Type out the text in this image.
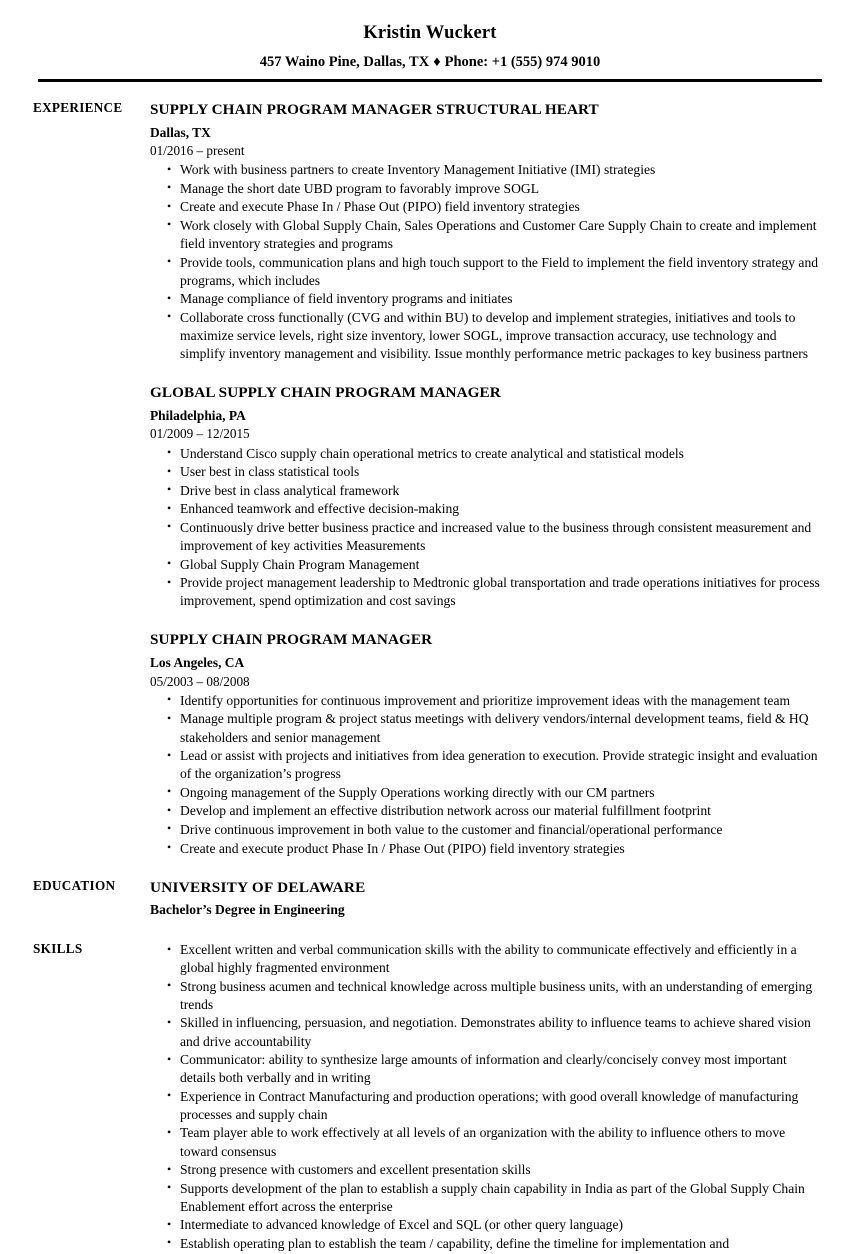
Kristin Wuckert
457 Waino Pine, Dallas, TX ♦ Phone: +1 (555) 974 9010
EXPERIENCE	SUPPLY CHAIN PROGRAM MANAGER STRUCTURAL HEART
Dallas, TX
01/2016 – present
• Work with business partners to create Inventory Management Initiative (IMI) strategies
• Manage the short date UBD program to favorably improve SOGL
• Create and execute Phase In / Phase Out (PIPO) field inventory strategies
• Work closely with Global Supply Chain, Sales Operations and Customer Care Supply Chain to create and implement field inventory strategies and programs
• Provide tools, communication plans and high touch support to the Field to implement the field inventory strategy and programs, which includes
• Manage compliance of field inventory programs and initiates
• Collaborate cross functionally (CVG and within BU) to develop and implement strategies, initiatives and tools to maximize service levels, right size inventory, lower SOGL, improve transaction accuracy, use technology and simplify inventory management and visibility. Issue monthly performance metric packages to key business partners
GLOBAL SUPPLY CHAIN PROGRAM MANAGER
Philadelphia, PA
01/2009 – 12/2015
• Understand Cisco supply chain operational metrics to create analytical and statistical models
• User best in class statistical tools
• Drive best in class analytical framework
• Enhanced teamwork and effective decision-making
• Continuously drive better business practice and increased value to the business through consistent measurement and improvement of key activities Measurements
• Global Supply Chain Program Management
• Provide project management leadership to Medtronic global transportation and trade operations initiatives for process improvement, spend optimization and cost savings
SUPPLY CHAIN PROGRAM MANAGER
Los Angeles, CA
05/2003 – 08/2008
• Identify opportunities for continuous improvement and prioritize improvement ideas with the management team
• Manage multiple program & project status meetings with delivery vendors/internal development teams, field & HQ stakeholders and senior management
• Lead or assist with projects and initiatives from idea generation to execution. Provide strategic insight and evaluation of the organization’s progress
• Ongoing management of the Supply Operations working directly with our CM partners
• Develop and implement an effective distribution network across our material fulfillment footprint
• Drive continuous improvement in both value to the customer and financial/operational performance
• Create and execute product Phase In / Phase Out (PIPO) field inventory strategies
EDUCATION	UNIVERSITY OF DELAWARE
Bachelor’s Degree in Engineering
SKILLS	• Excellent written and verbal communication skills with the ability to communicate effectively and efficiently in a global highly fragmented environment
• Strong business acumen and technical knowledge across multiple business units, with an understanding of emerging trends
• Skilled in influencing, persuasion, and negotiation. Demonstrates ability to influence teams to achieve shared vision and drive accountability
• Communicator: ability to synthesize large amounts of information and clearly/concisely convey most important details both verbally and in writing
• Experience in Contract Manufacturing and production operations; with good overall knowledge of manufacturing processes and supply chain
• Team player able to work effectively at all levels of an organization with the ability to influence others to move toward consensus
• Strong presence with customers and excellent presentation skills
• Supports development of the plan to establish a supply chain capability in India as part of the Global Supply Chain Enablement effort across the enterprise
• Intermediate to advanced knowledge of Excel and SQL (or other query language)
• Establish operating plan to establish the team / capability, define the timeline for implementation and
